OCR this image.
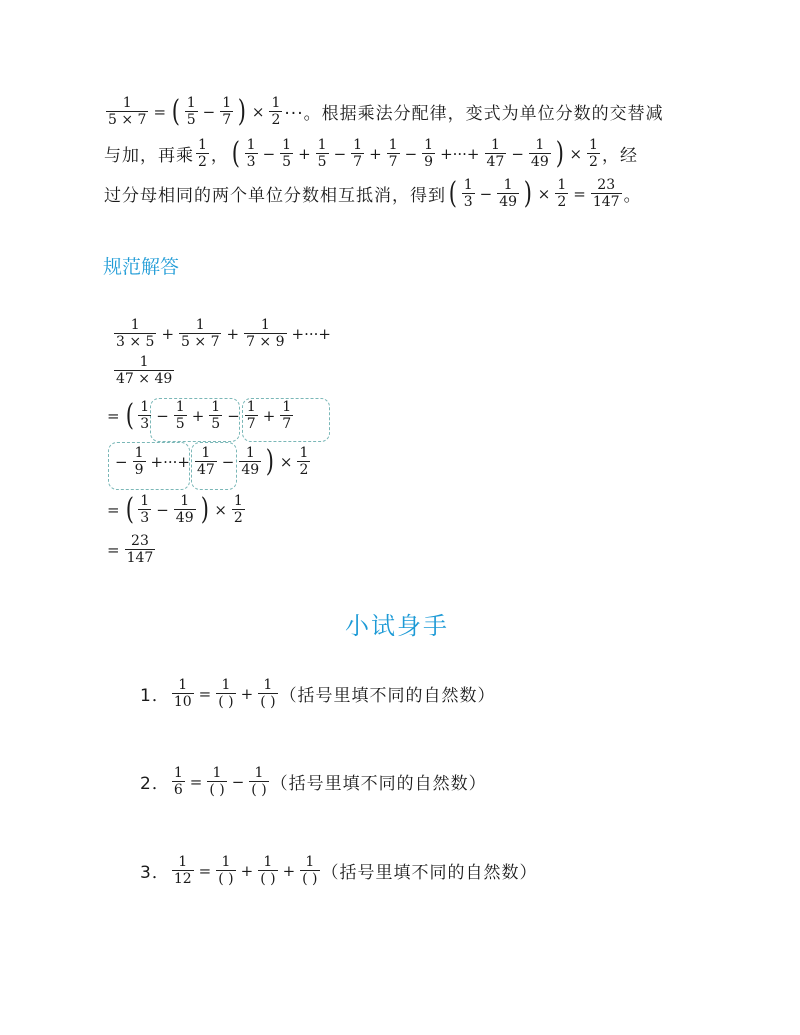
$\frac{1}{5 \times 7}$ = ( 1
$5 - \frac{1}{7}$ ) × $\frac{1}{2}$ ···。根据乘法分配律，变式为单位分数的交替减
与加，再乘
1
2 ， ( $\frac{1}{3} - \frac{1}{5} + \frac{1}{5} - \frac{1}{7} + \frac{1}{7} - \frac{1}{9}$ +···+ $\frac{1}{47} - \frac{1}{49}$ ) × $\frac{1}{2}$ ，经
过分母相同的两个单位分数相互抵消，得到 ( 1
$3 - \frac{1}{49}$ ) × $\frac{1}{2} = \frac{23}{147}$ 。
规范解答
$\frac{1}{3 \times 5} + \frac{1}{5 \times 7} + \frac{1}{7 \times 9}$ +···+
1
47 × 49
= ( $\frac{1}{3} - \frac{1}{5} + \frac{1}{5} - \frac{1}{7} + \frac{1}{7}$
− $\frac{1}{9}$ +···+ $\frac{1}{47} - \frac{1}{49}$ ) × $\frac{1}{2}$
= ( $\frac{1}{3} - \frac{1}{49}$ ) × $\frac{1}{2}$
= $\frac{23}{147}$
小试身手
1． $\frac{1}{10} = 1$
( ) + 1
( ) （括号里填不同的自然数）
2． $\frac{1}{6} = 1$
( ) − 1
( ) （括号里填不同的自然数）
3． $\frac{1}{12} = 1$
( ) + 1
( ) + 1
( ) （括号里填不同的自然数）
